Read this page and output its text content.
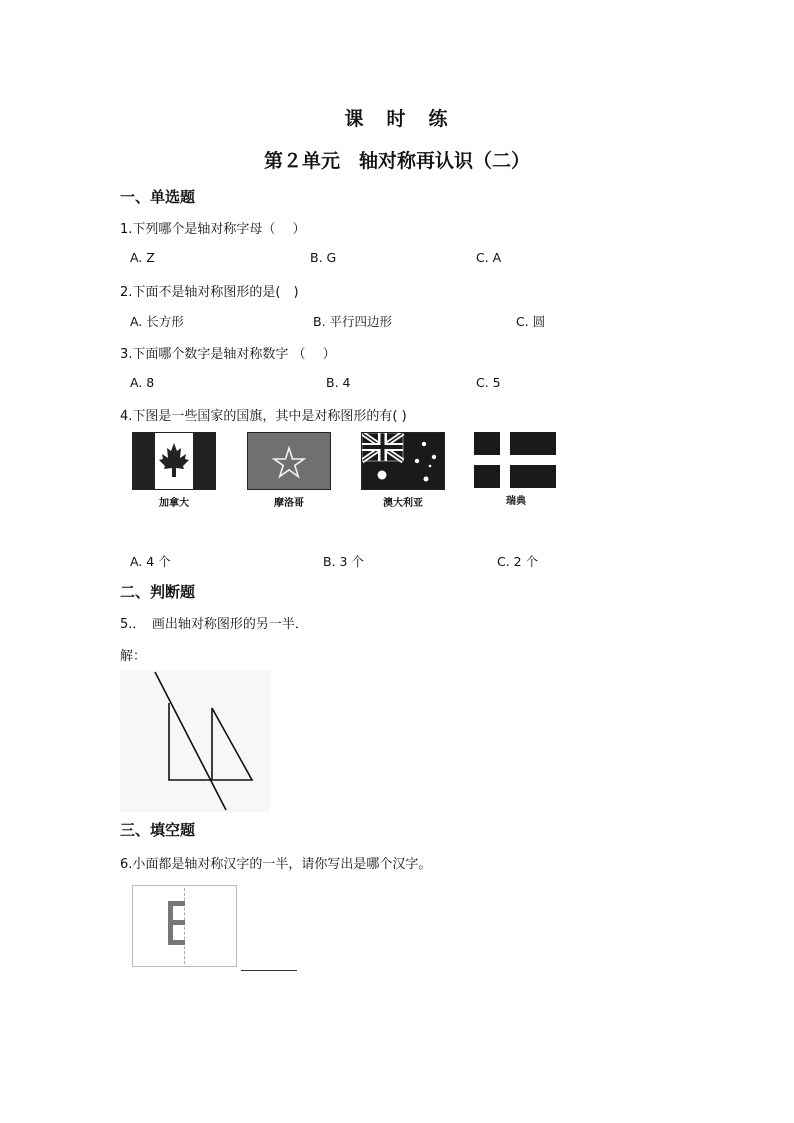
课　时　练
第２单元　轴对称再认识（二）
一、单选题
1.下列哪个是轴对称字母（　 ）
A. Z	B. G	C. A
2.下面不是轴对称图形的是(　)
A. 长方形	B. 平行四边形	C. 圆
3.下面哪个数字是轴对称数字 （　 ）
A. 8	B. 4	C. 5
4.下图是一些国家的国旗，其中是对称图形的有( )
加拿大	摩洛哥	澳大利亚	瑞典
A. 4 个	B. 3 个	C. 2 个
二、判断题
5.．　画出轴对称图形的另一半．
解：
三、填空题
6.小面都是轴对称汉字的一半，请你写出是哪个汉字。
